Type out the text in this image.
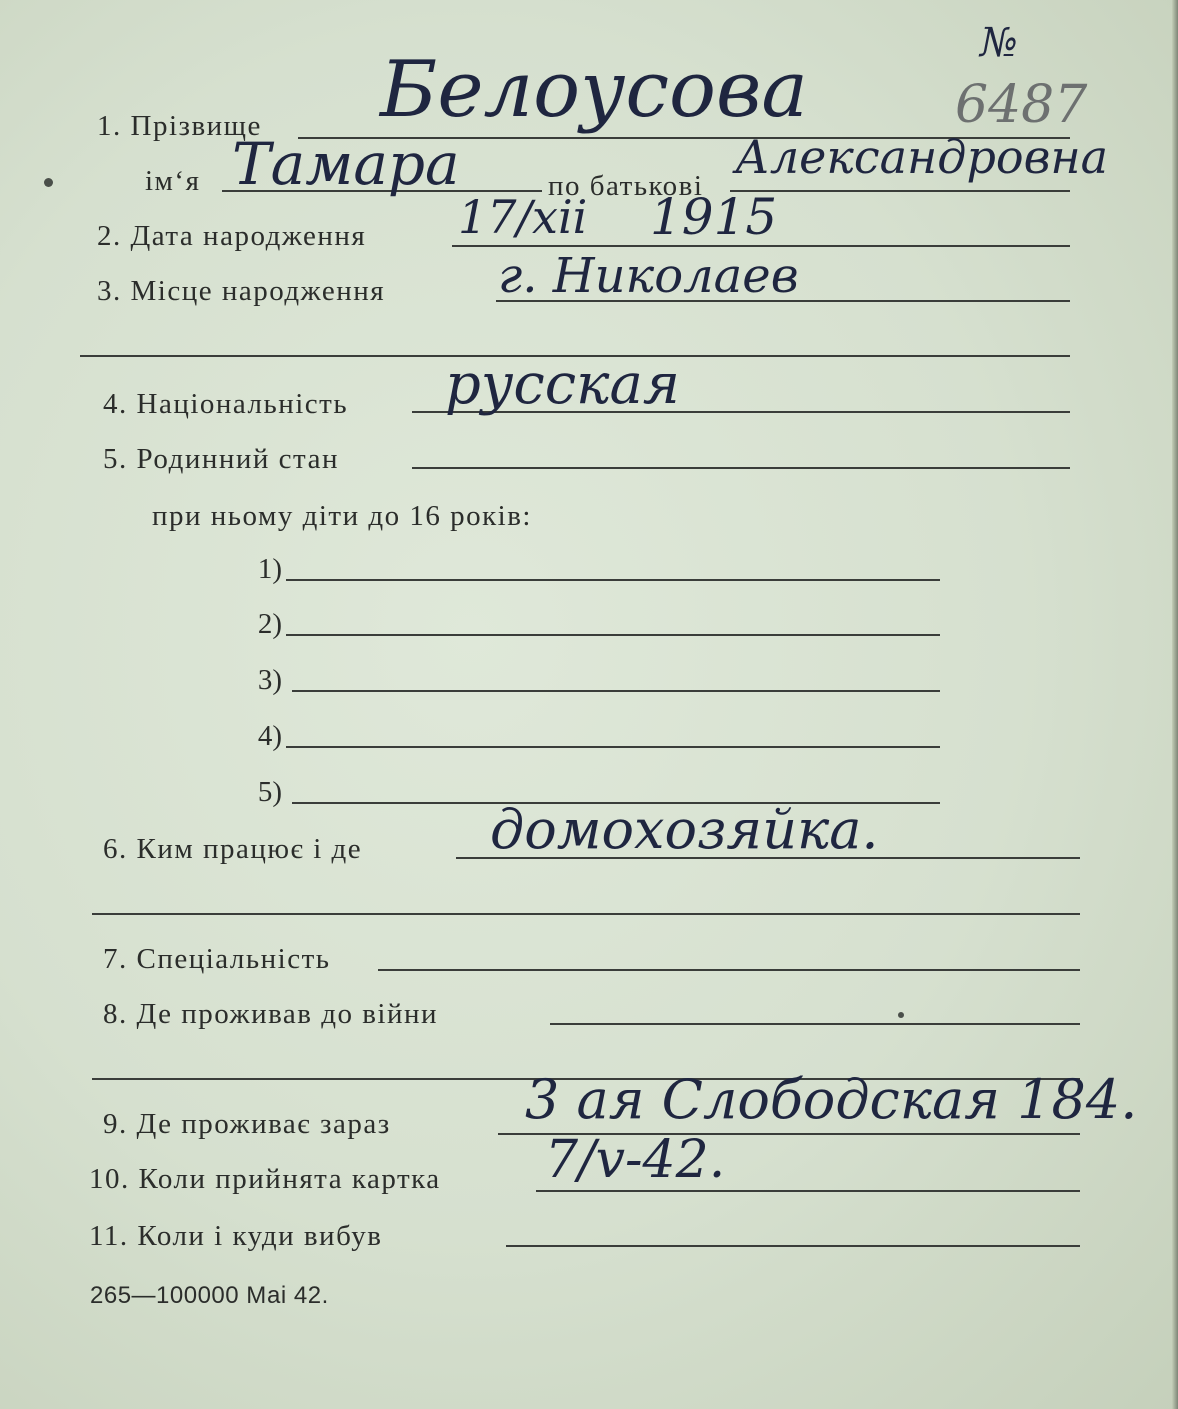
№
6487
1. Прізвище Белоусова
ім‘я Тамара	по батькові
Александровна
2. Дата народження 17/xii 1915
3. Місце народження г. Николаев
4. Національність русская
5. Родинний стан
при ньому діти до 16 років:
1)
2)
3)
4)
5)
6. Ким працює і де домохозяйка.
7. Спеціальність
8. Де проживав до війни
9. Де проживає зараз 3 ая Слободская 184.
10. Коли прийнята картка 7/v-42.
11. Коли і куди вибув
265—100000 Маі 42.
